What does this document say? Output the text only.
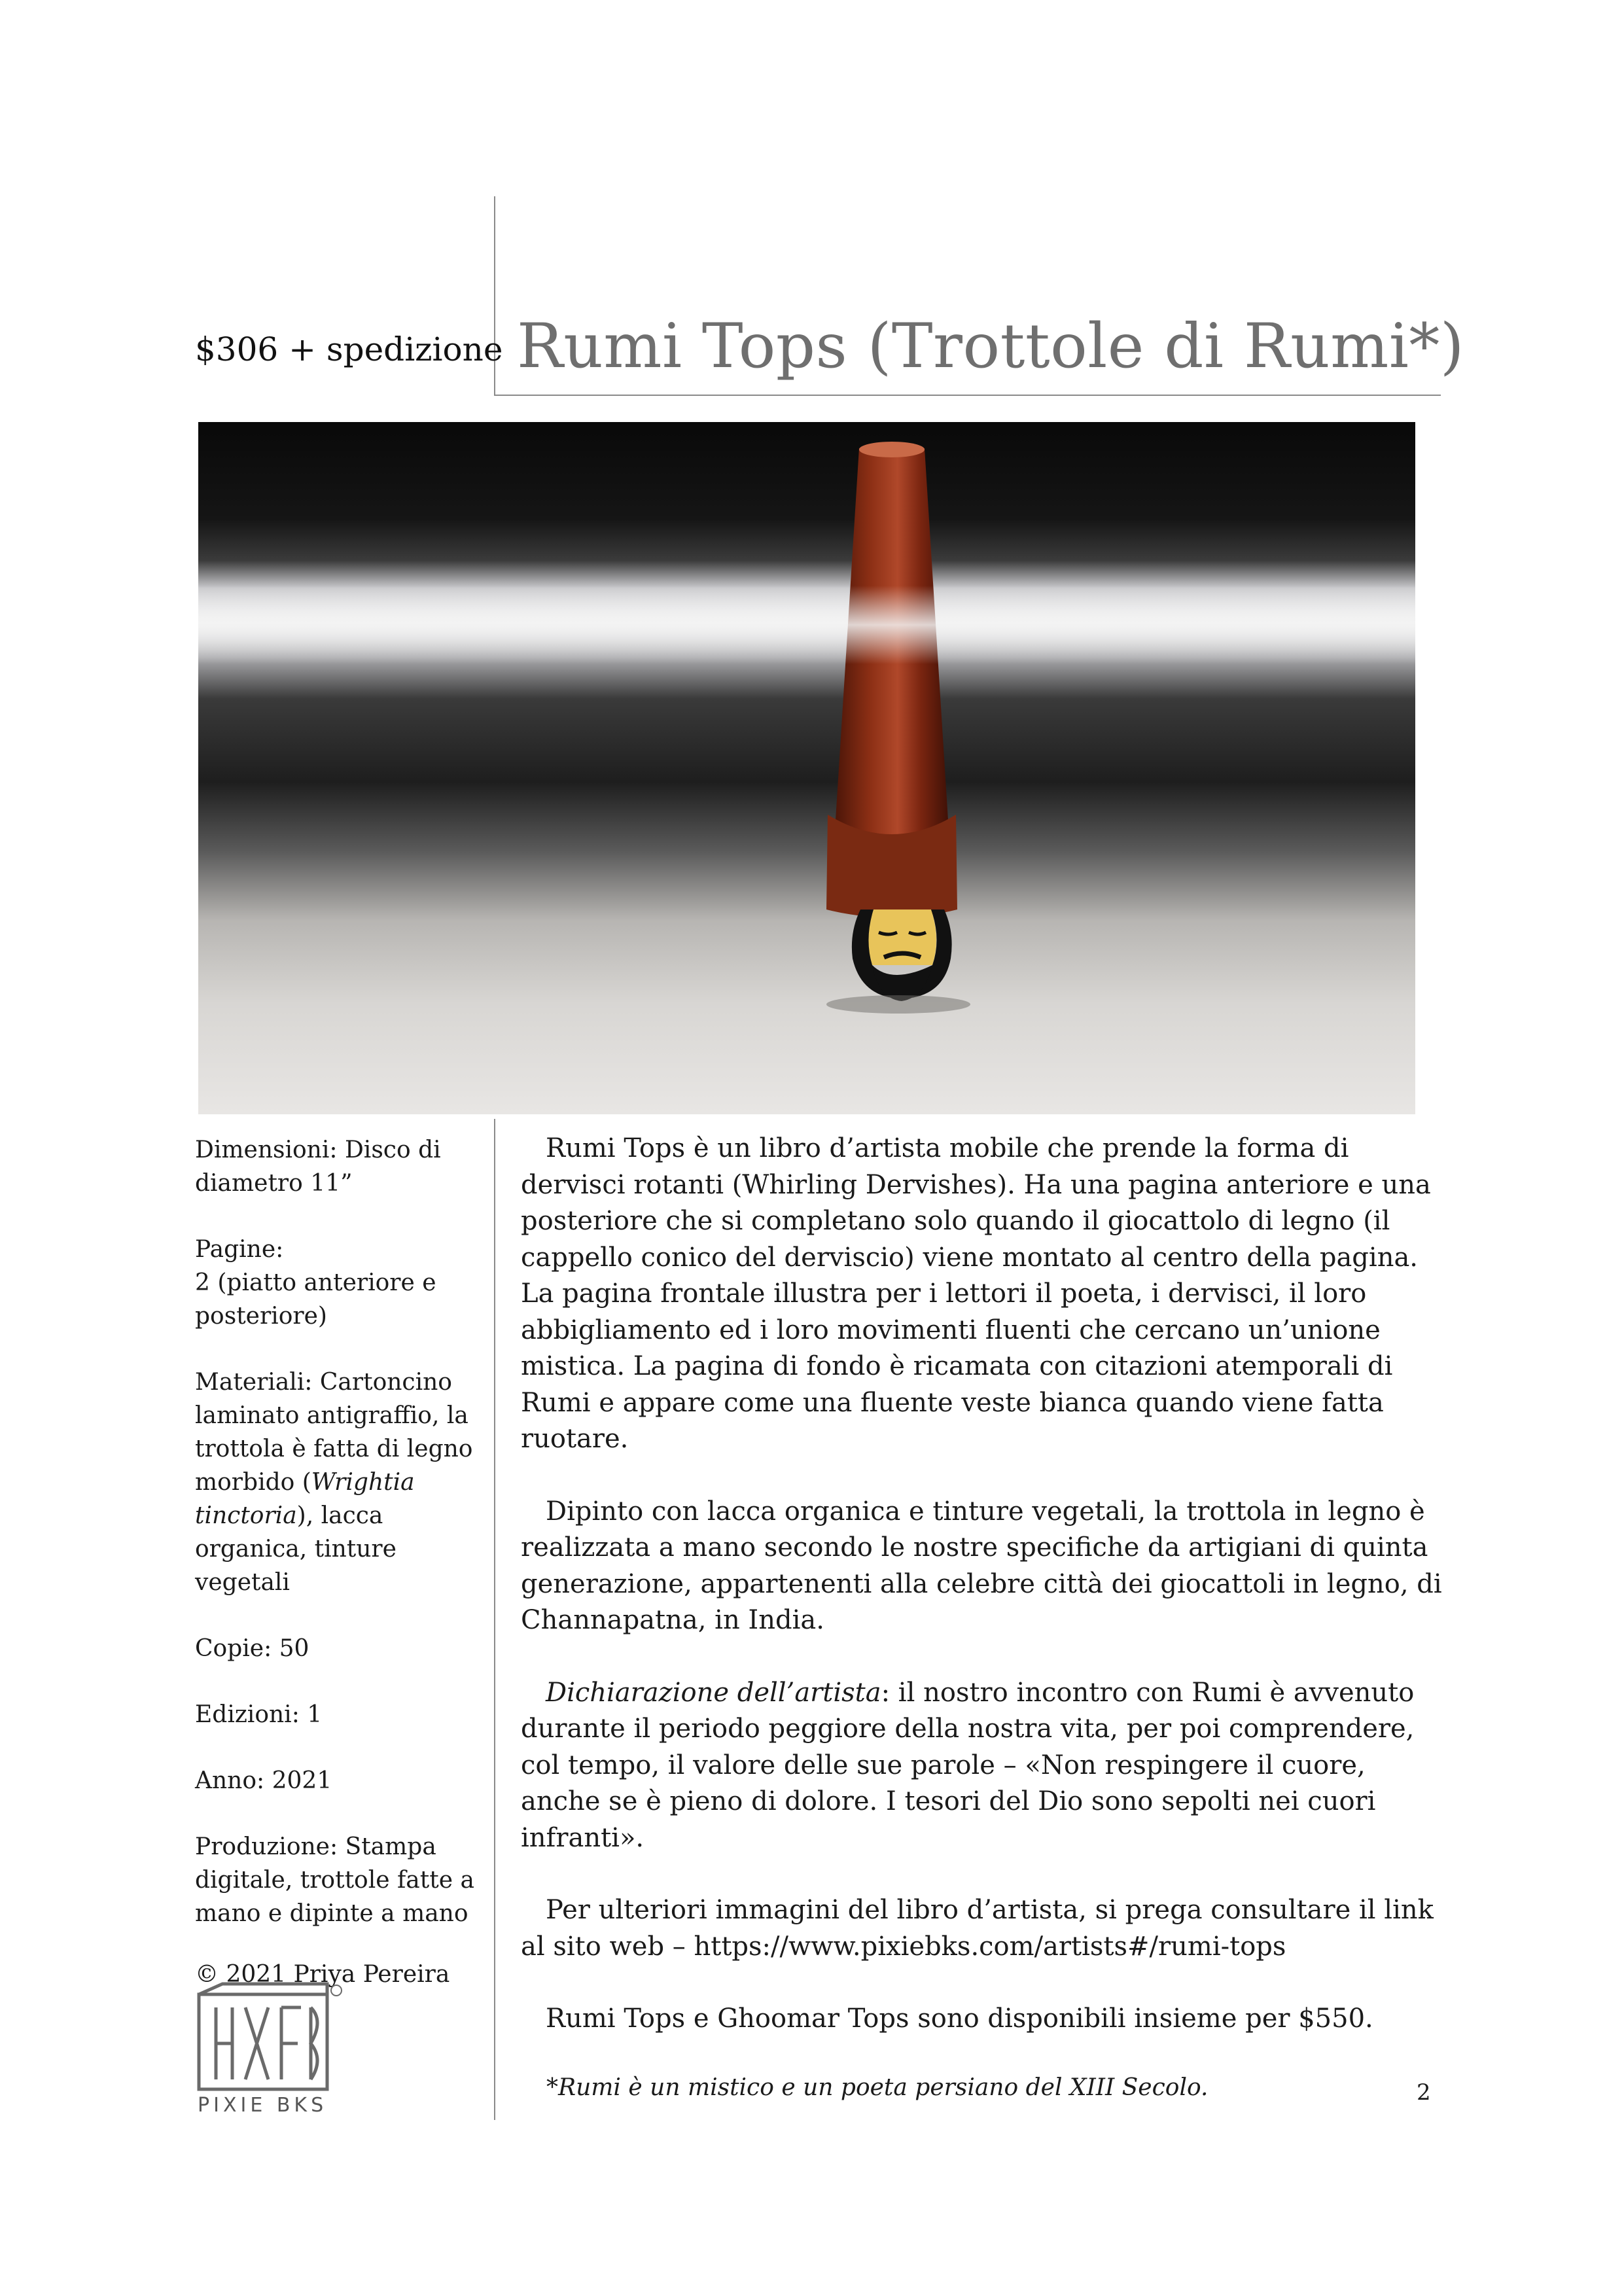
$306 + spedizione Rumi Tops (Trottole di Rumi*)
Dimensioni: Disco di diametro 11”
Pagine:
2 (piatto anteriore e posteriore)
Materiali: Cartoncino laminato antigraffio, la trottola è fatta di legno morbido (Wrightia tinctoria), lacca organica, tinture vegetali
Copie: 50
Edizioni: 1
Anno: 2021
Produzione: Stampa digitale, trottole fatte a mano e dipinte a mano
© 2021 Priya Pereira
PIXIE BKS

Rumi Tops è un libro d’artista mobile che prende la forma di dervisci rotanti (Whirling Dervishes). Ha una pagina anteriore e una posteriore che si completano solo quando il giocattolo di legno (il cappello conico del derviscio) viene montato al centro della pagina. La pagina frontale illustra per i lettori il poeta, i dervisci, il loro abbigliamento ed i loro movimenti fluenti che cercano un’unione mistica. La pagina di fondo è ricamata con citazioni atemporali di Rumi e appare come una fluente veste bianca quando viene fatta ruotare.

Dipinto con lacca organica e tinture vegetali, la trottola in legno è realizzata a mano secondo le nostre specifiche da artigiani di quinta generazione, appartenenti alla celebre città dei giocattoli in legno, di Channapatna, in India.

Dichiarazione dell’artista: il nostro incontro con Rumi è avvenuto durante il periodo peggiore della nostra vita, per poi comprendere, col tempo, il valore delle sue parole – «Non respingere il cuore, anche se è pieno di dolore. I tesori del Dio sono sepolti nei cuori infranti».

Per ulteriori immagini del libro d’artista, si prega consultare il link al sito web – https://www.pixiebks.com/artists#/rumi-tops

Rumi Tops e Ghoomar Tops sono disponibili insieme per $550.

*Rumi è un mistico e un poeta persiano del XIII Secolo.	2
